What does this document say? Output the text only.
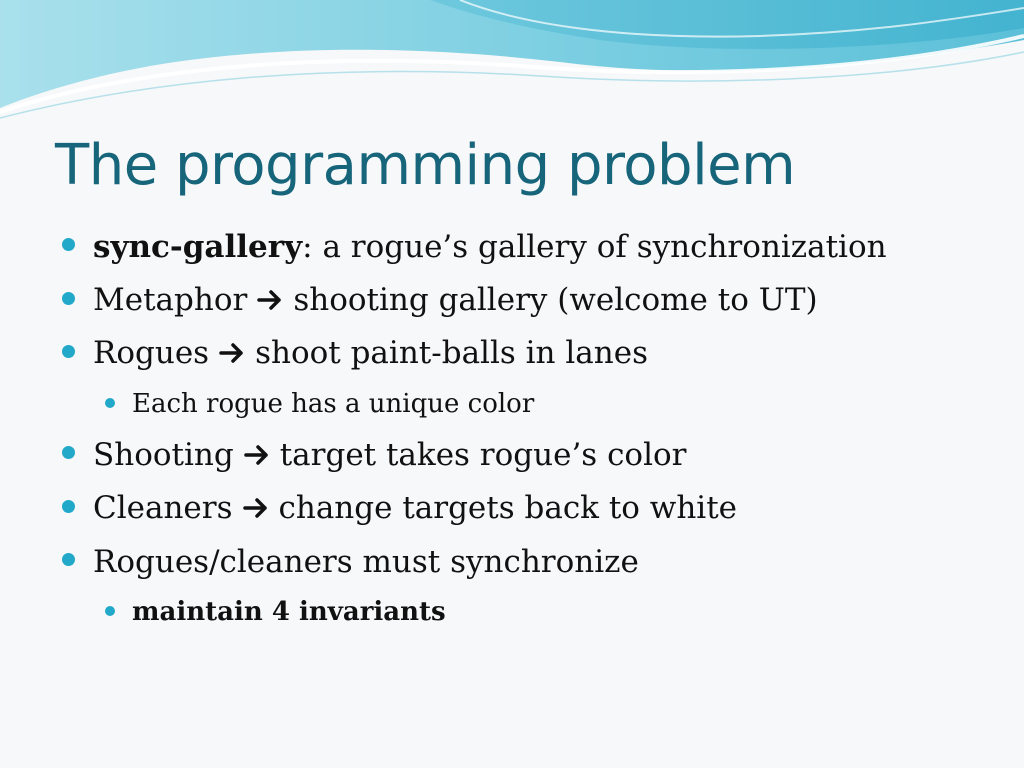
The programming problem
sync-gallery: a rogue’s gallery of synchronization
Metaphor shooting gallery (welcome to UT)
Rogues shoot paint-balls in lanes
Each rogue has a unique color
Shooting target takes rogue’s color
Cleaners change targets back to white
Rogues/cleaners must synchronize
maintain 4 invariants
